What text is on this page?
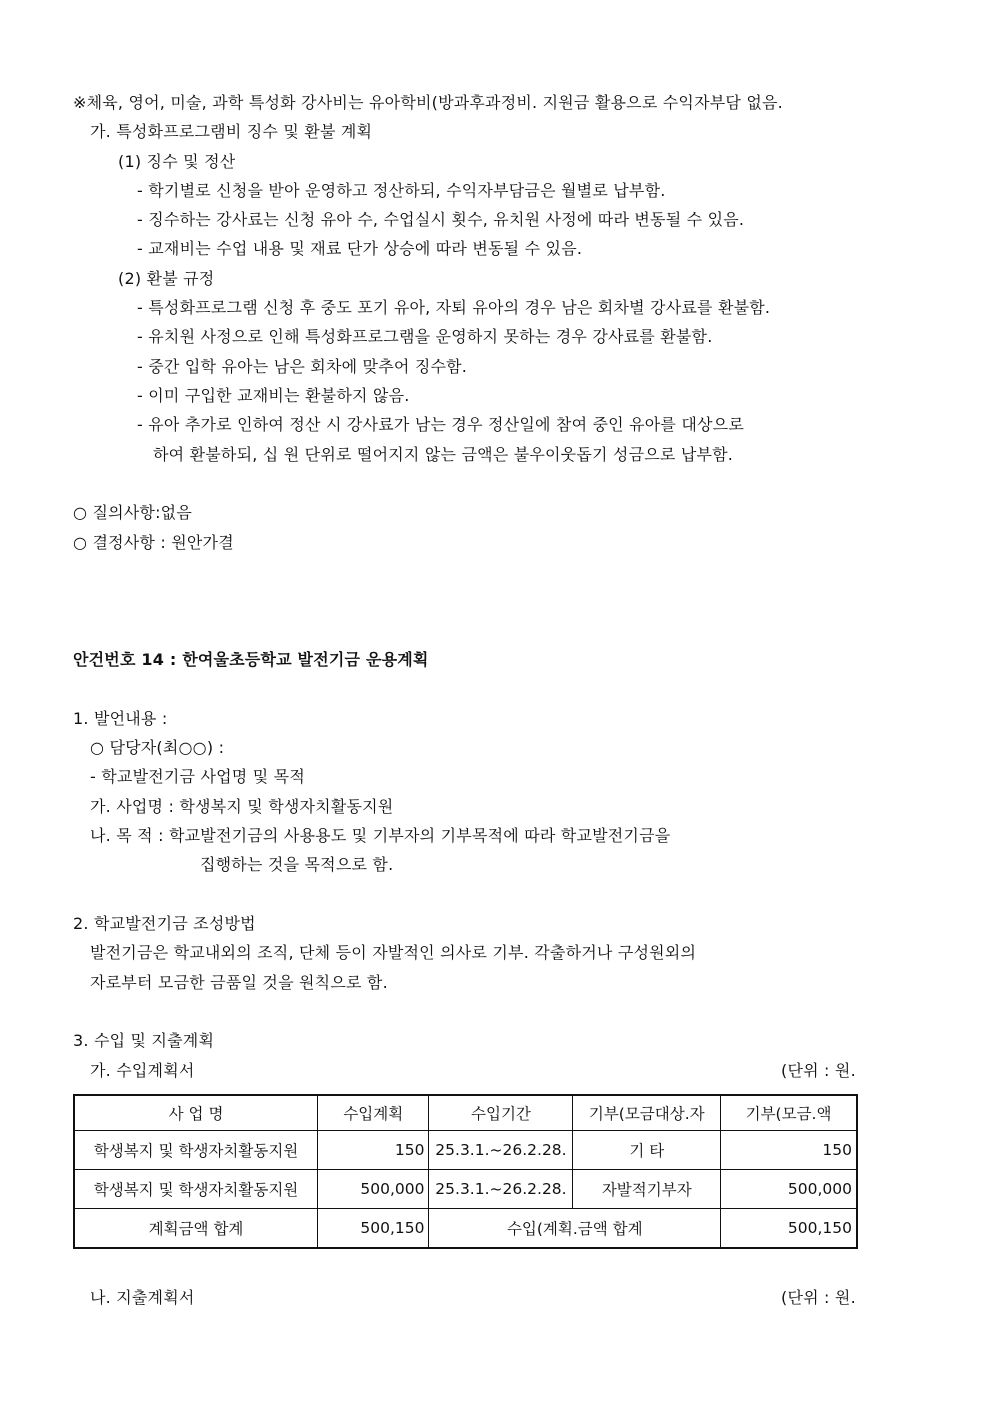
※체육, 영어, 미술, 과학 특성화 강사비는 유아학비(방과후과정비. 지원금 활용으로 수익자부담 없음.
가. 특성화프로그램비 징수 및 환불 계획
(1) 징수 및 정산
- 학기별로 신청을 받아 운영하고 정산하되, 수익자부담금은 월별로 납부함.
- 징수하는 강사료는 신청 유아 수, 수업실시 횟수, 유치원 사정에 따라 변동될 수 있음.
- 교재비는 수업 내용 및 재료 단가 상승에 따라 변동될 수 있음.
(2) 환불 규정
- 특성화프로그램 신청 후 중도 포기 유아, 자퇴 유아의 경우 남은 회차별 강사료를 환불함.
- 유치원 사정으로 인해 특성화프로그램을 운영하지 못하는 경우 강사료를 환불함.
- 중간 입학 유아는 남은 회차에 맞추어 징수함.
- 이미 구입한 교재비는 환불하지 않음.
- 유아 추가로 인하여 정산 시 강사료가 남는 경우 정산일에 참여 중인 유아를 대상으로
하여 환불하되, 십 원 단위로 떨어지지 않는 금액은 불우이웃돕기 성금으로 납부함.
○ 질의사항:없음
○ 결정사항 : 원안가결
안건번호 14 : 한여울초등학교 발전기금 운용계획
1. 발언내용 :
○ 담당자(최○○) :
- 학교발전기금 사업명 및 목적
가. 사업명 : 학생복지 및 학생자치활동지원
나. 목 적 : 학교발전기금의 사용용도 및 기부자의 기부목적에 따라 학교발전기금을
집행하는 것을 목적으로 함.
2. 학교발전기금 조성방법
발전기금은 학교내외의 조직, 단체 등이 자발적인 의사로 기부. 각출하거나 구성원외의
자로부터 모금한 금품일 것을 원칙으로 함.
3. 수입 및 지출계획
가. 수입계획서	(단위 : 원.
사 업 명	수입계획	수입기간	기부(모금대상.자	기부(모금.액
학생복지 및 학생자치활동지원	150	25.3.1.~26.2.28.	기 타	150
학생복지 및 학생자치활동지원	500,000	25.3.1.~26.2.28.	자발적기부자	500,000
계획금액 합계	500,150	수입(계획.금액 합계		500,150
나. 지출계획서	(단위 : 원.
